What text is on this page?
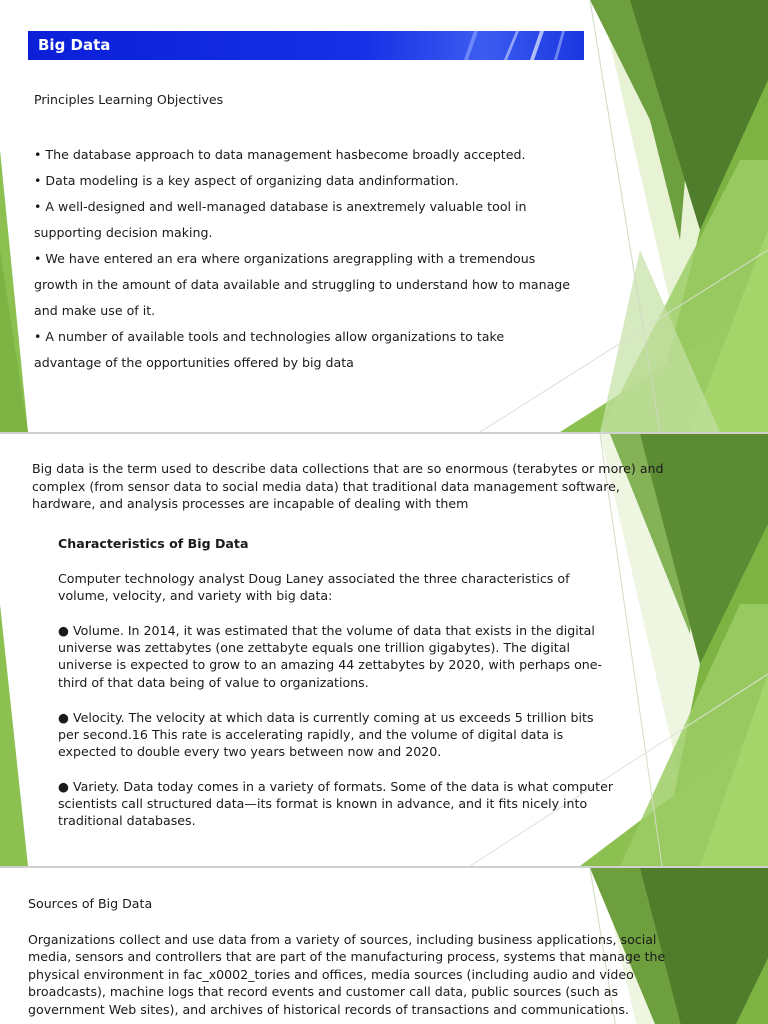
Big Data
Principles Learning Objectives
• The database approach to data management hasbecome broadly accepted.
• Data modeling is a key aspect of organizing data andinformation.
• A well-designed and well-managed database is anextremely valuable tool in supporting decision making.
• We have entered an era where organizations aregrappling with a tremendous growth in the amount of data available and struggling to understand how to manage and make use of it.
• A number of available tools and technologies allow organizations to take advantage of the opportunities offered by big data
Big data is the term used to describe data collections that are so enormous (terabytes or more) and complex (from sensor data to social media data) that traditional data management software, hardware, and analysis processes are incapable of dealing with them
Characteristics of Big Data
Computer technology analyst Doug Laney associated the three characteristics of volume, velocity, and variety with big data:
● Volume. In 2014, it was estimated that the volume of data that exists in the digital universe was zettabytes (one zettabyte equals one trillion gigabytes). The digital universe is expected to grow to an amazing 44 zettabytes by 2020, with perhaps one-third of that data being of value to organizations.
● Velocity. The velocity at which data is currently coming at us exceeds 5 trillion bits per second.16 This rate is accelerating rapidly, and the volume of digital data is expected to double every two years between now and 2020.
● Variety. Data today comes in a variety of formats. Some of the data is what computer scientists call structured data—its format is known in advance, and it fits nicely into traditional databases.
Sources of Big Data
Organizations collect and use data from a variety of sources, including business applications, social media, sensors and controllers that are part of the manufacturing process, systems that manage the physical environment in fac_x0002_tories and offices, media sources (including audio and video broadcasts), machine logs that record events and customer call data, public sources (such as government Web sites), and archives of historical records of transactions and communications.
